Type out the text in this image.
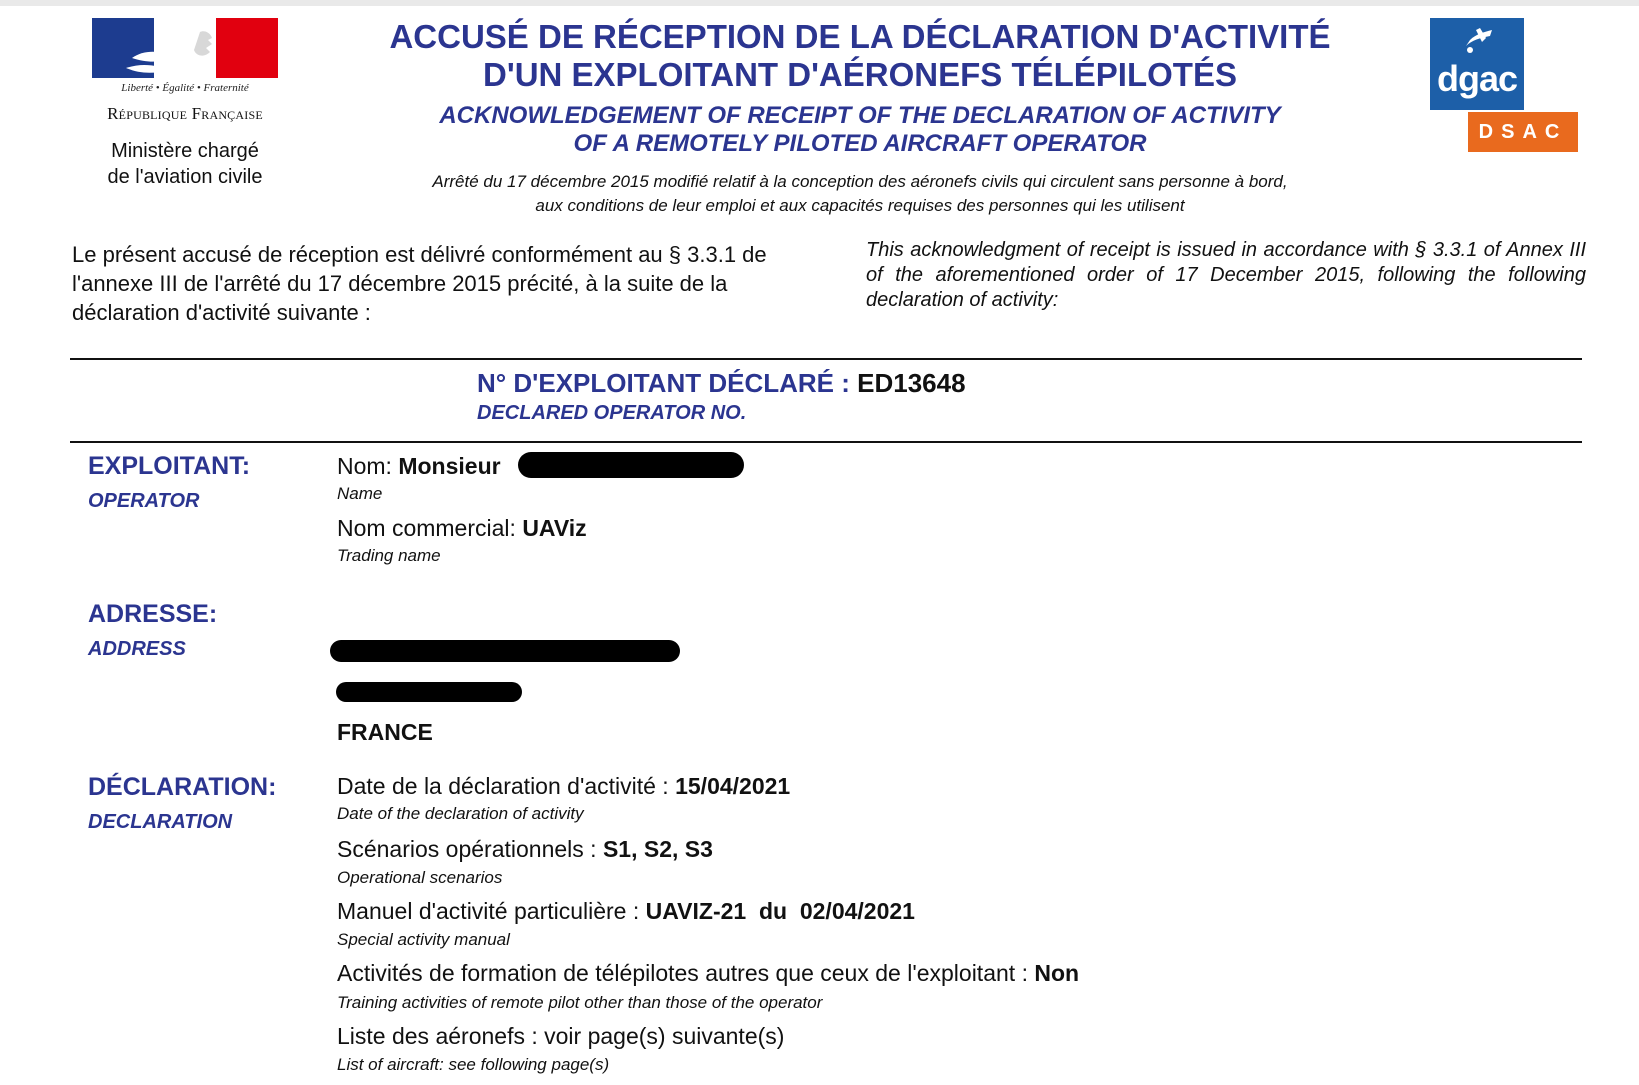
Liberté • Égalité • Fraternité
République Française
Ministère chargé
de l'aviation civile
dgac
DSAC
ACCUSÉ DE RÉCEPTION DE LA DÉCLARATION D'ACTIVITÉ
D'UN EXPLOITANT D'AÉRONEFS TÉLÉPILOTÉS
ACKNOWLEDGEMENT OF RECEIPT OF THE DECLARATION OF ACTIVITY
OF A REMOTELY PILOTED AIRCRAFT OPERATOR
Arrêté du 17 décembre 2015 modifié relatif à la conception des aéronefs civils qui circulent sans personne à bord,
aux conditions de leur emploi et aux capacités requises des personnes qui les utilisent
Le présent accusé de réception est délivré conformément au § 3.3.1 de l'annexe III de l'arrêté du 17 décembre 2015 précité, à la suite de la déclaration d'activité suivante :
This acknowledgment of receipt is issued in accordance with § 3.3.1 of Annex III of the aforementioned order of 17 December 2015, following the following declaration of activity:
N° D'EXPLOITANT DÉCLARÉ : ED13648
DECLARED OPERATOR NO.
EXPLOITANT:
OPERATOR
Nom: Monsieur
Name
Nom commercial: UAViz
Trading name
ADRESSE:
ADDRESS
FRANCE
DÉCLARATION:
DECLARATION
Date de la déclaration d'activité : 15/04/2021
Date of the declaration of activity
Scénarios opérationnels : S1, S2, S3
Operational scenarios
Manuel d'activité particulière : UAVIZ-21  du  02/04/2021
Special activity manual
Activités de formation de télépilotes autres que ceux de l'exploitant : Non
Training activities of remote pilot other than those of the operator
Liste des aéronefs : voir page(s) suivante(s)
List of aircraft: see following page(s)
